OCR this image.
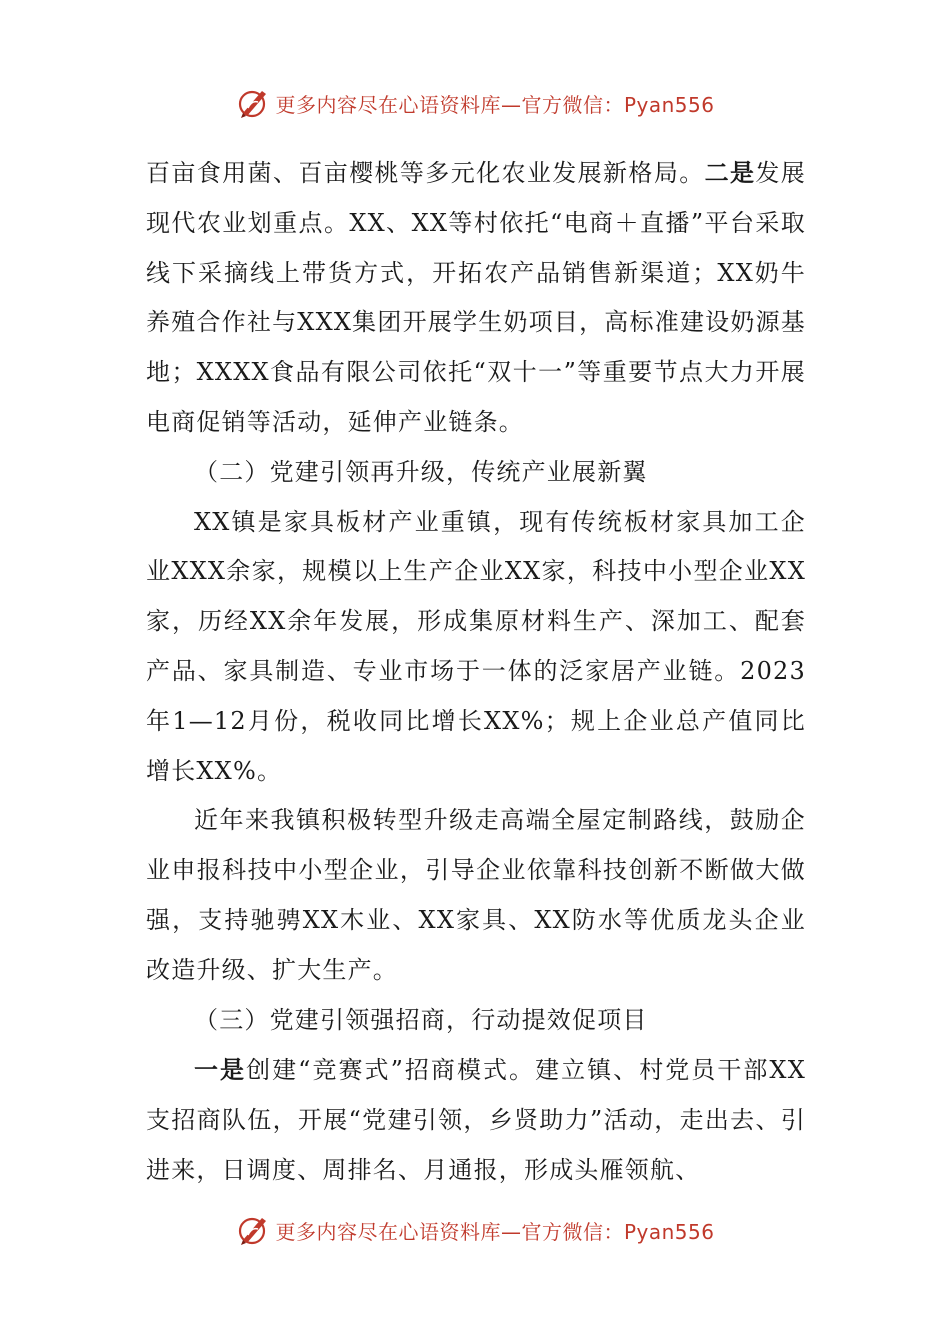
更多内容尽在心语资料库—官方微信：Pyan556

百亩食用菌、百亩樱桃等多元化农业发展新格局。二是发展现代农业划重点。XX、XX等村依托“电商＋直播”平台采取线下采摘线上带货方式，开拓农产品销售新渠道；XX奶牛养殖合作社与XXX集团开展学生奶项目，高标准建设奶源基地；XXXX食品有限公司依托“双十一”等重要节点大力开展电商促销等活动，延伸产业链条。

（二）党建引领再升级，传统产业展新翼

XX镇是家具板材产业重镇，现有传统板材家具加工企业XXX余家，规模以上生产企业XX家，科技中小型企业XX家，历经XX余年发展，形成集原材料生产、深加工、配套产品、家具制造、专业市场于一体的泛家居产业链。2023年1—12月份，税收同比增长XX%；规上企业总产值同比增长XX%。

近年来我镇积极转型升级走高端全屋定制路线，鼓励企业申报科技中小型企业，引导企业依靠科技创新不断做大做强，支持驰骋XX木业、XX家具、XX防水等优质龙头企业改造升级、扩大生产。

（三）党建引领强招商，行动提效促项目

一是创建“竞赛式”招商模式。建立镇、村党员干部XX支招商队伍，开展“党建引领，乡贤助力”活动，走出去、引进来，日调度、周排名、月通报，形成头雁领航、

更多内容尽在心语资料库—官方微信：Pyan556
